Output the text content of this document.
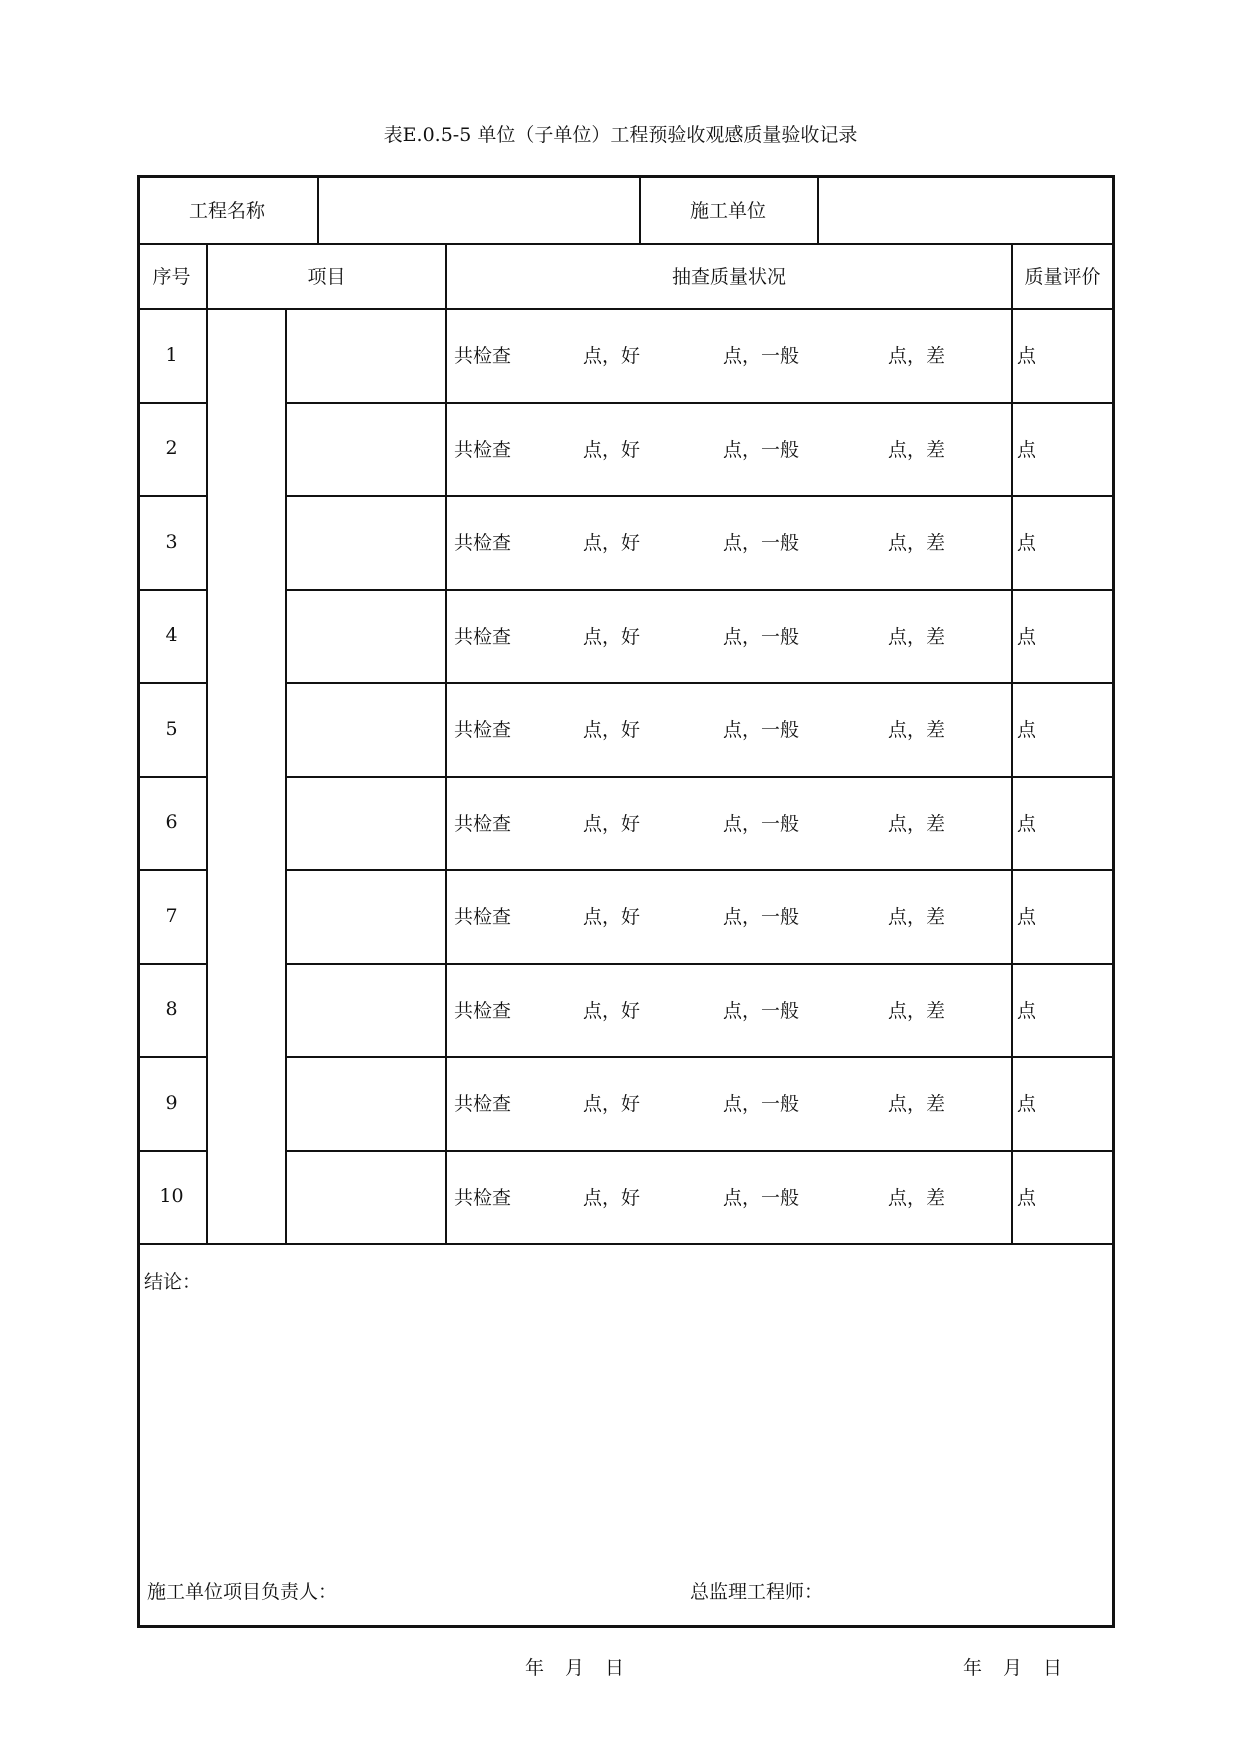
表E.0.5-5 单位（子单位）工程预验收观感质量验收记录
工程名称	施工单位
序号	项目	抽查质量状况	质量评价
1	共检查	点，好	点，一般	点，差	点
2	共检查	点，好	点，一般	点，差	点
3	共检查	点，好	点，一般	点，差	点
4	共检查	点，好	点，一般	点，差	点
5	共检查	点，好	点，一般	点，差	点
6	共检查	点，好	点，一般	点，差	点
7	共检查	点，好	点，一般	点，差	点
8	共检查	点，好	点，一般	点，差	点
9	共检查	点，好	点，一般	点，差	点
10	共检查	点，好	点，一般	点，差	点
结论：
施工单位项目负责人：	总监理工程师：
年 月 日	年 月 日
